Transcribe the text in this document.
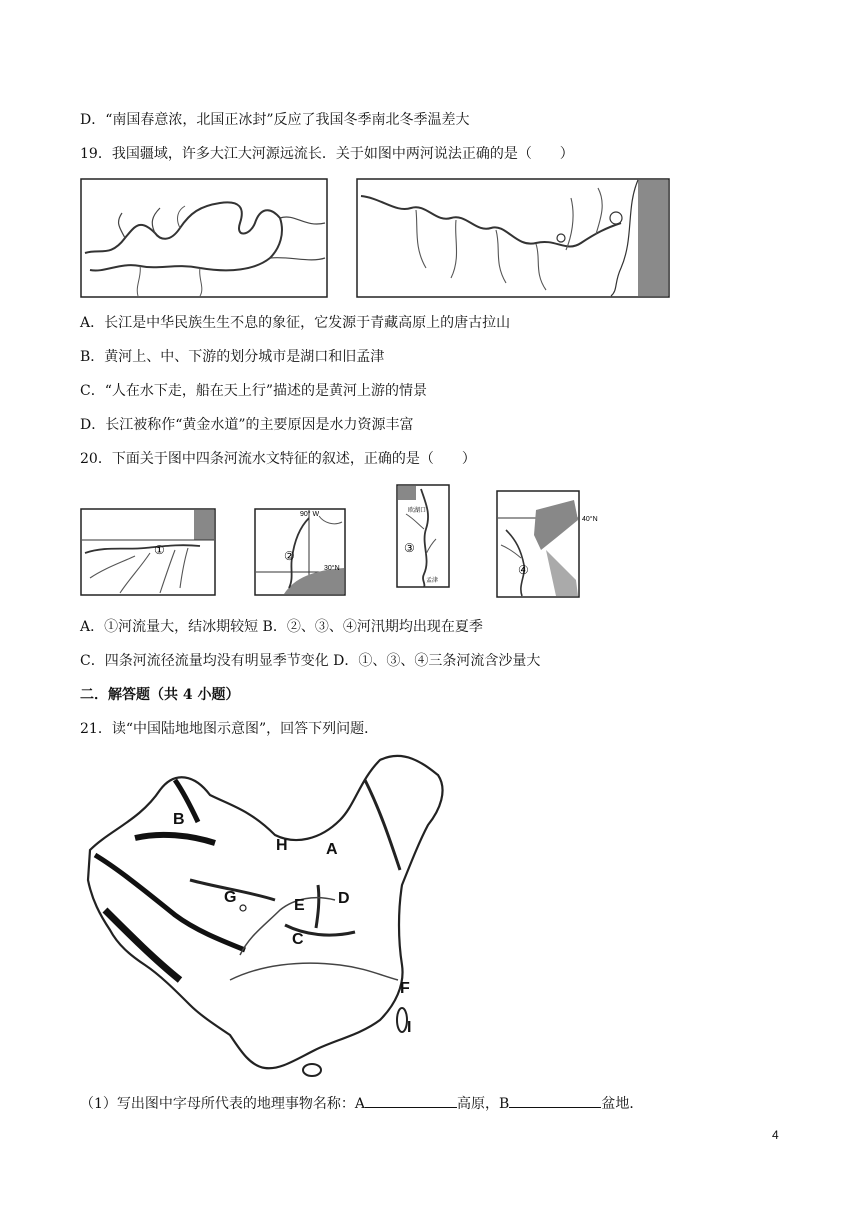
D．“南国春意浓，北国正冰封”反应了我国冬季南北冬季温差大
19．我国疆域，许多大江大河源远流长．关于如图中两河说法正确的是（　　）
A．长江是中华民族生生不息的象征，它发源于青藏高原上的唐古拉山
B．黄河上、中、下游的划分城市是湖口和旧孟津
C．“人在水下走，船在天上行”描述的是黄河上游的情景
D．长江被称作“黄金水道”的主要原因是水力资源丰富
20．下面关于图中四条河流水文特征的叙述，正确的是（　　）
①
90° W
30°N
②
欧湖口
孟津
③
40°N
④
A．①河流量大，结冰期较短 B．②、③、④河汛期均出现在夏季
C．四条河流径流量均没有明显季节变化 D．①、③、④三条河流含沙量大
二．解答题（共 4 小题）
21．读“中国陆地地图示意图”，回答下列问题．
A
B
C
D
E
F
G
H
I
（1）写出图中字母所代表的地理事物名称：A	高原，B	盆地．
4
